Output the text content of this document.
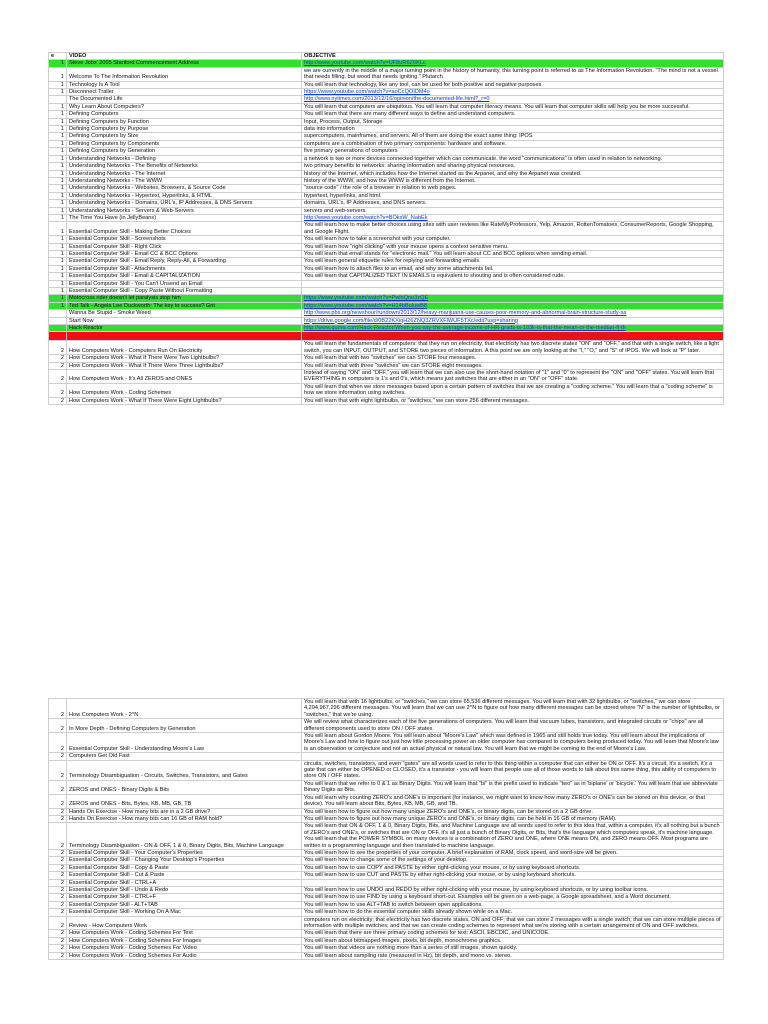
e	VIDEO	OBJECTIVE
1	Steve Jobs' 2005 Stanford Commencement Address	http://www.youtube.com/watch?v=UF8uR6Z6KLc
1	Welcome To The Information Revolution	we are currently in the middle of a major turning point in the history of humanity, this turning point is referred to as The Information Revolution. "The mind is not a vessel that needs filling, but wood that needs igniting." Plutarch
1	Technology Is A Tool	You will learn that technology, like any tool, can be used for both positive and negative purposes.
1	Disconnect Trailer	https://www.youtube.com/watch?v=aoCcQOIDM4o
	The Documented Life	http://www.nytimes.com/2013/12/16/opinion/the-documented-life.html?_r=0
1	Why Learn About Computers?	You will learn that computers are ubiquitous. You will learn that computer literacy means. You will learn that computer skills will help you be more successful.
1	Defining Computers	You will learn that there are many different ways to define and understand computers.
1	Defining Computers by Function	Input, Process, Output, Storage
1	Defining Computers by Purpose	data into information
1	Defining Computers by Size	supercomputers, mainframes, and servers. All of them are doing the exact same thing: IPOS
1	Defining Computers by Components	computers are a combination of two primary components: hardware and software.
1	Defining Computers by Generation	five primary generations of computers
1	Understanding Networks - Defining	a network is two or more devices connected together which can communicate. the word "communications" is often used in relation to networking.
1	Understanding Networks - The Benefits of Networks	two primary benefits to networks: sharing information and sharing physical resources.
1	Understanding Networks - The Internet	history of the Internet, which includes how the Internet started as the Arpanet, and why the Arpanet was created.
1	Understanding Networks - The WWW	history of the WWW, and how the WWW is different from the Internet.
1	Understanding Networks - Websites, Browsers, & Source Code	"source code" / the role of a browser in relation to web pages.
1	Understanding Networks - Hypertext, Hyperlinks, & HTML	hypertext, hyperlinks, and html.
1	Understanding Networks - Domains, URL's, IP Addresses, & DNS Servers	domains, URL's, IP Addresses, and DNS servers.
1	Understanding Networks - Servers & Web-Servers	servers and web-servers.
1	The Time You Have (in JellyBeans)	http://www.youtube.com/watch?v=BOksW_NabEk
1	Essential Computer Skill - Making Better Choices	You will learn how to make better choices using sites with user reviews like RateMyProfessors, Yelp, Amazon, RottenTomatoes, ConsumerReports, Google Shopping, and Google Flight.
1	Essential Computer Skill - Screenshots	You will learn how to take a screenshot with your computer.
1	Essential Computer Skill - Right Click	You will learn how "right clicking" with your mouse opens a context sensitive menu.
1	Essential Computer Skill - Email CC & BCC Options	You will learn that email stands for "electronic mail." You will learn about CC and BCC options when sending email.
1	Essential Computer Skill - Email Reply, Reply-All, & Forwarding	You will learn general etiquette rules for replying and forwarding emails.
1	Essential Computer Skill - Attachments	You will learn how to attach files to an email, and why some attachments fail.
1	Essential Computer Skill - Email & CAPITALIZATION	You will learn that CAPITALIZED TEXT IN EMAILS is equivalent to shouting and is often considered rude.
1	Essential Computer Skill - You Can't Unsend an Email	
1	Essential Computer Skill - Copy Paste Without Formatting	
1	Motocross rider doesn't let paralysis stop him	https://www.youtube.com/watch?v=PwlhQno3zQE
1	Ted Talk - Angela Lee Duckworth: The key to success? Grit	https://www.youtube.com/watch?v=H14bBuluwB8
	Wanna Be Stupid - Smoke Weed	http://www.pbs.org/newshour/rundown/2013/12/heavy-marijuana-use-causes-poor-memory-and-abnormal-brain-structure-study-sa
	Start Now	https://drive.google.com/file/d/0B22KXiqH26ZNQ3ZRVXFlWUF5TXc/edit?usp=sharing
	Hack Reactor	http://www.quora.com/Hack-Reactor/When-you-say-the-average-income-of-HR-grads-is-103k-is-that-the-mean-or-the-median-If-th

2	How Computers Work - Computers Run On Electricity	You will learn the fundamentals of computers: that they run on electricity, that electricity has two discrete states "ON" and "OFF," and that with a single switch, like a light switch, you can INPUT, OUTPUT, and STORE two pieces of information. A this point we are only looking at the "I," "O," and "S" of IPOS. We will look at "P" later.
2	How Computers Work - What If There Were Two Lightbulbs?	You will learn that with two "switches" we can STORE four messages.
2	How Computers Work - What If There Were Three Lightbulbs?	You will learn that with three "switches" we can STORE eight messages.
2	How Computers Work - It's All ZEROS and ONES	Instead of saying "ON" and "OFF," you will learn that we can also use the short-hand notation of "1" and "0" to represent the "ON" and "OFF" states. You will learn that EVERYTHING in computers is 1's and 0's, which means just switches that are either in an "ON" or "OFF" state.
2	How Computers Work - Coding Schemes	You will learn that when we store messages based upon a certain pattern of switches that we are creating a "coding scheme." You will learn that a "coding scheme" is how we store information using switches.
2	How Computers Work - What If There Were Eight Lightbulbs?	You will learn that with eight lightbulbs, or "switches," we can store 256 different messages.
2	How Computers Work - 2^N	You will learn that with 16 lightbulbs, or "switches," we can store 65,536 different messages. You will learn that with 32 lightbulbs, or "switches," we can store 4,294,967,296 different messages. You will learn that we can use 2^N to figure out how many different messages can be stored where "N" is the number of lightbulbs, or "switches," that we're using.
2	In More Depth - Defining Computers by Generation	We will review what characterizes each of the five generations of computers. You will learn that vacuum tubes, transistors, and integrated circuits or "chips" are all different components used to store ON / OFF states.
2	Essential Computer Skill - Understanding Moore's Law	You will learn about Gordon Moore. You will learn about "Moore's Law" which was defined in 1965 and still holds true today. You will learn about the implications of Moore's Law and how to figure out just how little processing power an older computer has compared to computers being produced today. You will learn that Moore's law is an observation or conjecture and not an actual physical or natural law. You will learn that we might be coming to the end of Moore's Law.
2	Computers Get Old Fast	
2	Terminology Disambiguation - Circuits, Switches, Transistors, and Gates	circuits, switches, transistors, and even "gates" are all words used to refer to this thing within a computer that can either be ON or OFF. It's a circuit, it's a switch, it's a gate that can either be OPENED or CLOSED, it's a transistor - you will learn that people use all of those words to talk about this same thing, this ability of computers to store ON / OFF states.
2	ZEROS and ONES - Binary Digits & Bits	You will learn that we refer to 0 & 1 as Binary Digits. You will learn that "bi" is the prefix used to indicate "two" as in 'biplane' or 'bicycle.' You will learn that we abbreviate Binary Digits as Bits.
2	ZEROS and ONES - Bits, Bytes, KB, MB, GB, TB	You will learn why counting ZERO's and ONE's is important (for instance, we might want to know how many ZERO's or ONE's can be stored on this device, or that device). You will learn about Bits, Bytes, KB, MB, GB, and TB.
2	Hands On Exercise - How many bits are in a 2 GB drive?	You will learn how to figure out how many unique ZERO's and ONE's, or binary digits, can be stored on a 2 GB drive.
2	Hands On Exercise - How many bits can 16 GB of RAM hold?	You will learn how to figure out how many unique ZERO's and ONE's, or binary digits, can be held in 16 GB of memory (RAM).
2	Terminology Disambiguation - ON & OFF, 1 & 0, Binary Digits, Bits, Machine Language	You will learn that ON & OFF, 1 & 0, Binary Digits, Bits, and Machine Language are all words used to refer to this idea that, within a computer, it's all nothing but a bunch of ZERO's and ONE's, or switches that are ON or OFF, it's all just a bunch of Binary Digits, or Bits, that's the language which computers speak, it's machine language. You will learn that the POWER SYMBOL on many devices is a combination of ZERO and ONE, where ONE means ON, and ZERO means OFF. Most programs are written in a programming language and then translated to machine language.
2	Essential Computer Skill - Your Computer's Properties	You will learn how to see the properties of your computer. A brief explanation of RAM, clock speed, and word-size will be given.
2	Essential Computer Skill - Changing Your Desktop's Properties	You will learn how to change some of the settings of your desktop.
2	Essential Computer Skill - Copy & Paste	You will learn how to use COPY and PASTE by either right-clicking your mouse, or by using keyboard shortcuts.
2	Essential Computer Skill - Cut & Paste	You will learn how to use CUT and PASTE by either right-clicking your mouse, or by using keyboard shortcuts.
2	Essential Computer Skill - CTRL+A	
2	Essential Computer Skill - Undo & Redo	You will learn how to use UNDO and REDO by either right-clicking with your mouse, by using keyboard shortcuts, or by using toolbar icons.
2	Essential Computer Skill - CTRL+F	You will learn how to use FIND by using a keyboard short-cut. Examples will be given on a web-page, a Google spreadsheet, and a Word document.
2	Essential Computer Skill - ALT+TAB	You will learn how to use ALT+TAB to switch between open applications.
2	Essential Computer Skill - Working On A Mac	You will learn how to do the essential computer skills already shown while on a Mac.
2	Review - How Computers Work	computers run on electricity; that electricity has two discrete states, ON and OFF; that we can store 2 messages with a single switch; that we can store multiple pieces of information with multiple switches; and that we can create coding schemes to represent what we're storing with a certain arrangement of ON and OFF switches.
2	How Computers Work - Coding Schemes For Text	You will learn that there are three primary coding schemes for text: ASCII, EBCDIC, and UNICODE.
2	How Computers Work - Coding Schemes For Images	You will learn about bitmapped images, pixels, bit depth, monochrome graphics.
2	How Computers Work - Coding Schemes For Video	You will learn that videos are nothing more than a series of still images, shown quickly.
2	How Computers Work - Coding Schemes For Audio	You will learn about sampling rate (measured in Hz), bit depth, and mono vs. stereo.
